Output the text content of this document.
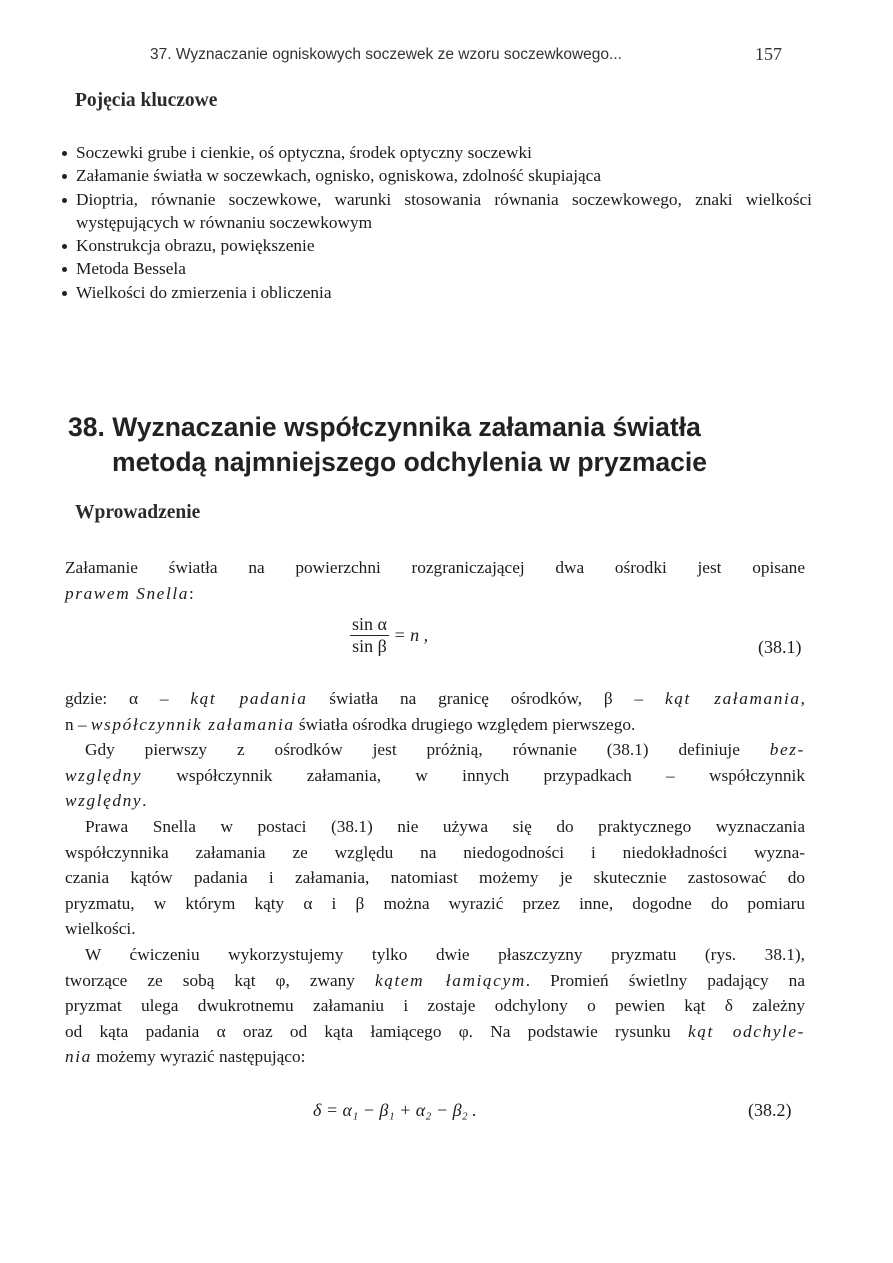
37. Wyznaczanie ogniskowych soczewek ze wzoru soczewkowego...	157
Pojęcia kluczowe
Soczewki grube i cienkie, oś optyczna, środek optyczny soczewki
Załamanie światła w soczewkach, ognisko, ogniskowa, zdolność skupiająca
Dioptria, równanie soczewkowe, warunki stosowania równania soczewkowego, znaki wielkości występujących w równaniu soczewkowym
Konstrukcja obrazu, powiększenie
Metoda Bessela
Wielkości do zmierzenia i obliczenia
38. Wyznaczanie współczynnika załamania światła
metodą najmniejszego odchylenia w pryzmacie
Wprowadzenie
Załamanie światła na powierzchni rozgraniczającej dwa ośrodki jest opisane
prawem Snella:
$\frac{\text{sin α}}{\text{sin β}} = n$ ,
(38.1)
gdzie: α – kąt padania światła na granicę ośrodków, β – kąt załamania,
n – współczynnik załamania światła ośrodka drugiego względem pierwszego.
Gdy pierwszy z ośrodków jest próżnią, równanie (38.1) definiuje bez-
względny współczynnik załamania, w innych przypadkach – współczynnik
względny.
Prawa Snella w postaci (38.1) nie używa się do praktycznego wyznaczania
współczynnika załamania ze względu na niedogodności i niedokładności wyzna-
czania kątów padania i załamania, natomiast możemy je skutecznie zastosować do
pryzmatu, w którym kąty α i β można wyrazić przez inne, dogodne do pomiaru
wielkości.
W ćwiczeniu wykorzystujemy tylko dwie płaszczyzny pryzmatu (rys. 38.1),
tworzące ze sobą kąt φ, zwany kątem łamiącym. Promień świetlny padający na
pryzmat ulega dwukrotnemu załamaniu i zostaje odchylony o pewien kąt δ zależny
od kąta padania α oraz od kąta łamiącego φ. Na podstawie rysunku kąt odchyle-
nia możemy wyrazić następująco:
δ = α₁ − β₁ + α₂ − β₂ .	(38.2)
